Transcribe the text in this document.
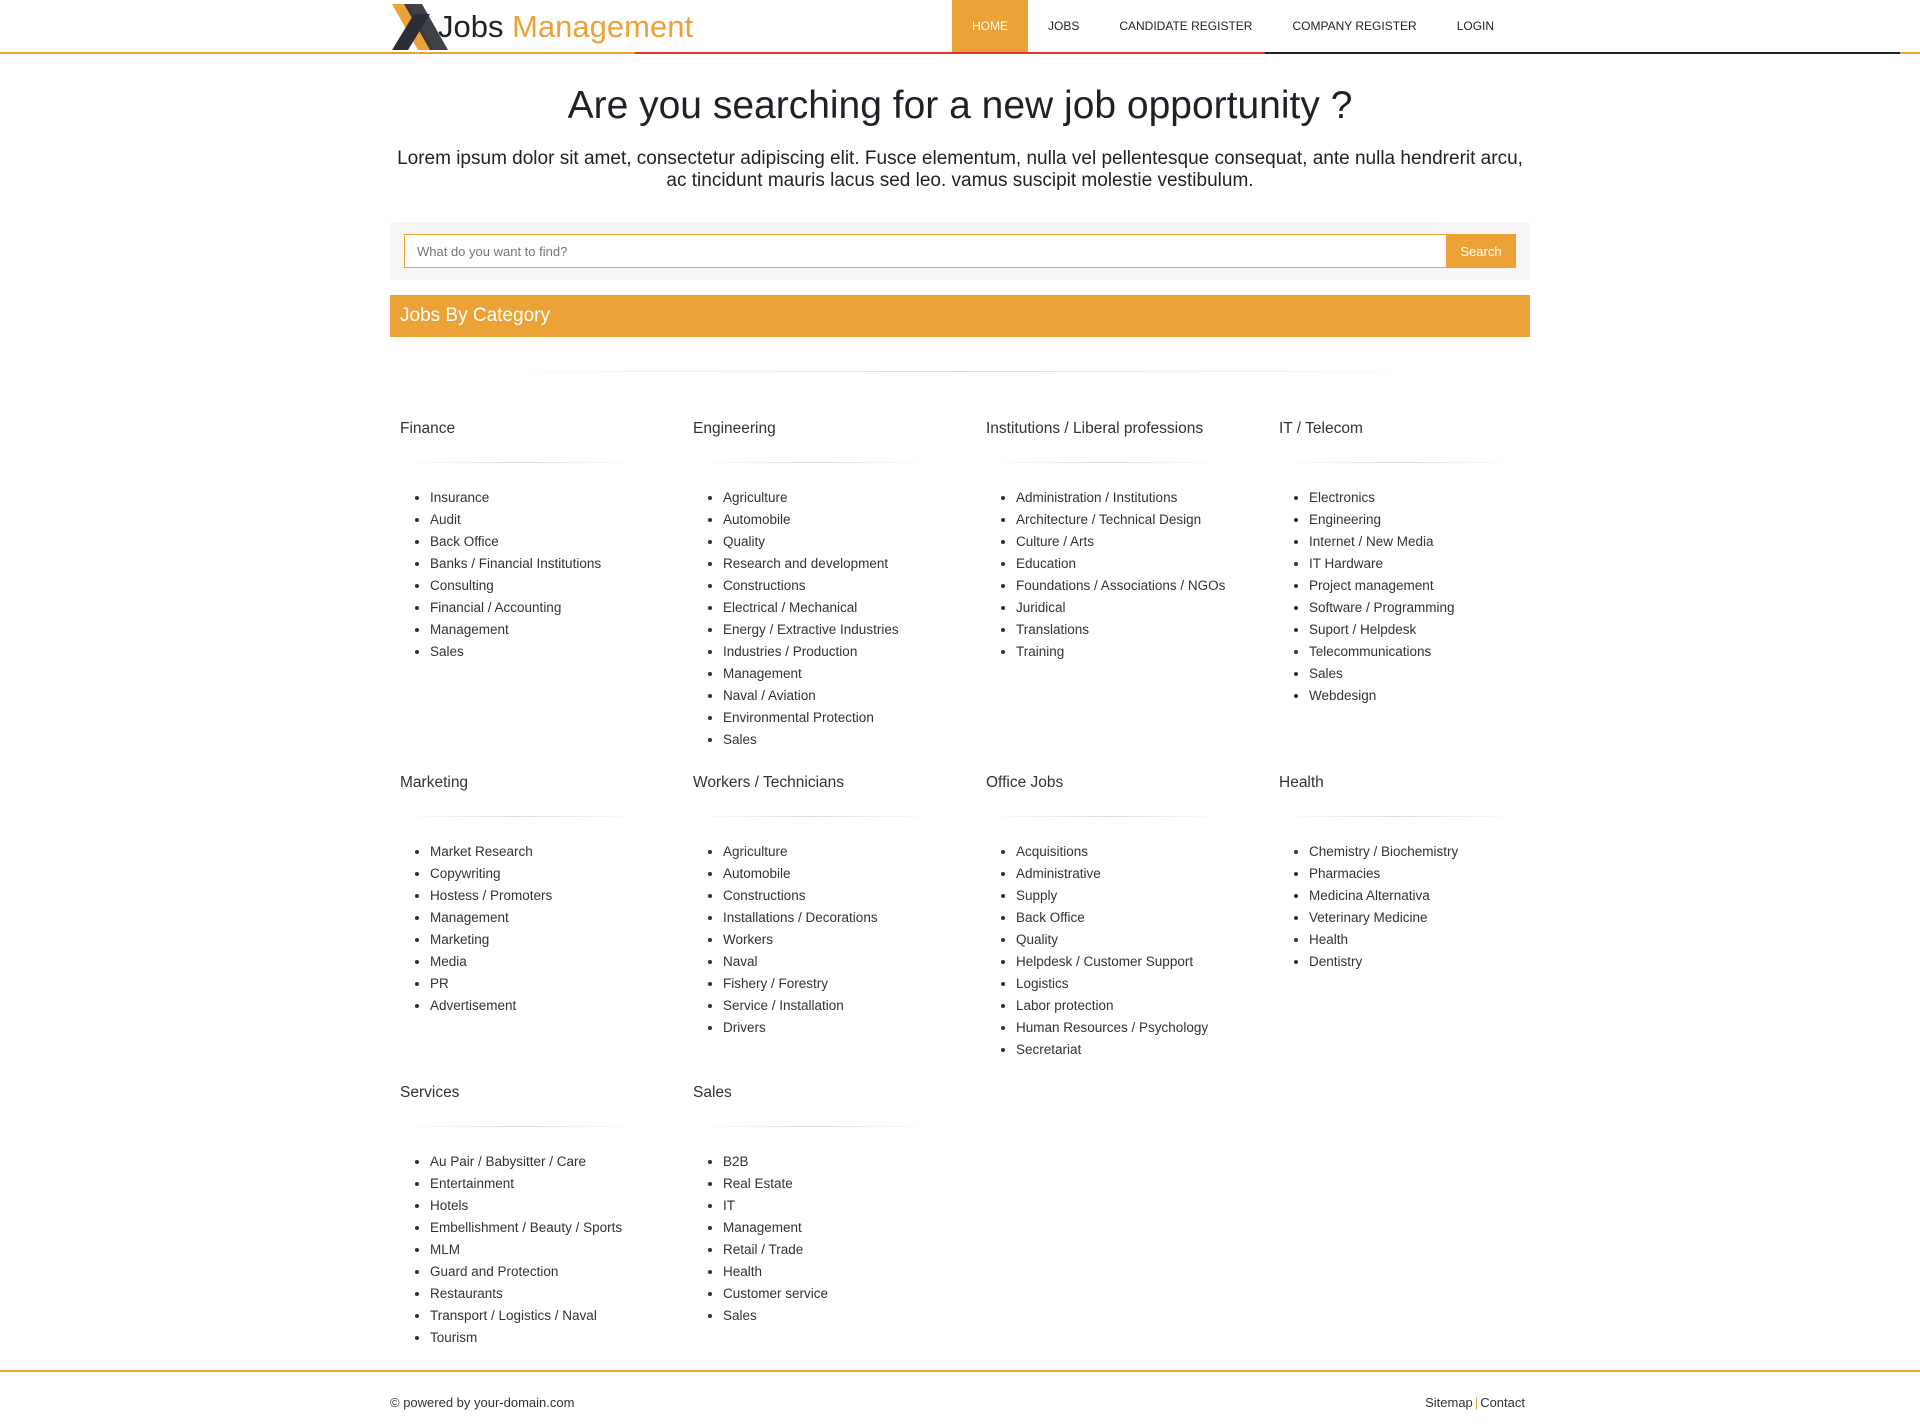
Jobs Management	HOME	JOBS	CANDIDATE REGISTER	COMPANY REGISTER	LOGIN
Are you searching for a new job opportunity ?

Lorem ipsum dolor sit amet, consectetur adipiscing elit. Fusce elementum, nulla vel pellentesque consequat, ante nulla hendrerit arcu, ac tincidunt mauris lacus sed leo. vamus suscipit molestie vestibulum.

What do you want to find?
Search
Jobs By Category
Finance
• Insurance
• Audit
• Back Office
• Banks / Financial Institutions
• Consulting
• Financial / Accounting
• Management
• Sales
Engineering
• Agriculture
• Automobile
• Quality
• Research and development
• Constructions
• Electrical / Mechanical
• Energy / Extractive Industries
• Industries / Production
• Management
• Naval / Aviation
• Environmental Protection
• Sales
Institutions / Liberal professions
• Administration / Institutions
• Architecture / Technical Design
• Culture / Arts
• Education
• Foundations / Associations / NGOs
• Juridical
• Translations
• Training
IT / Telecom
• Electronics
• Engineering
• Internet / New Media
• IT Hardware
• Project management
• Software / Programming
• Suport / Helpdesk
• Telecommunications
• Sales
• Webdesign
Marketing
• Market Research
• Copywriting
• Hostess / Promoters
• Management
• Marketing
• Media
• PR
• Advertisement
Workers / Technicians
• Agriculture
• Automobile
• Constructions
• Installations / Decorations
• Workers
• Naval
• Fishery / Forestry
• Service / Installation
• Drivers
Office Jobs
• Acquisitions
• Administrative
• Supply
• Back Office
• Quality
• Helpdesk / Customer Support
• Logistics
• Labor protection
• Human Resources / Psychology
• Secretariat
Health
• Chemistry / Biochemistry
• Pharmacies
• Medicina Alternativa
• Veterinary Medicine
• Health
• Dentistry
Services
• Au Pair / Babysitter / Care
• Entertainment
• Hotels
• Embellishment / Beauty / Sports
• MLM
• Guard and Protection
• Restaurants
• Transport / Logistics / Naval
• Tourism
Sales
• B2B
• Real Estate
• IT
• Management
• Retail / Trade
• Health
• Customer service
• Sales
© powered by your-domain.com	Sitemap | Contact
